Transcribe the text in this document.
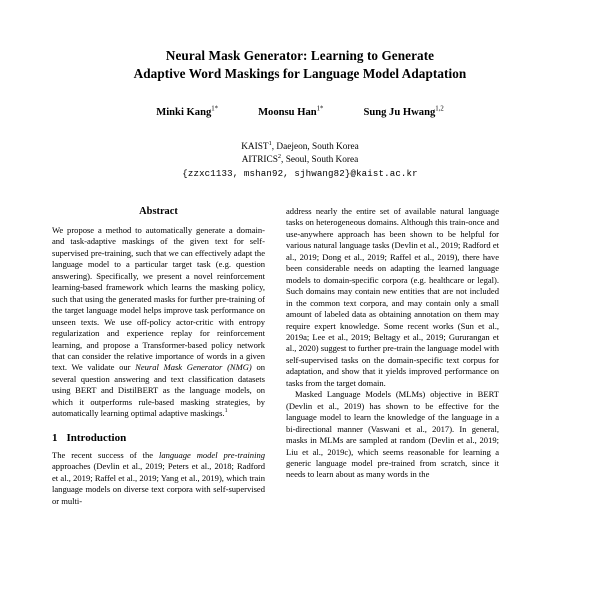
Neural Mask Generator: Learning to Generate
Adaptive Word Maskings for Language Model Adaptation
Minki Kang$^{1*}$	Moonsu Han$^{1*}$	Sung Ju Hwang$^{1,2}$
KAIST$^1$, Daejeon, South Korea
AITRICS$^2$, Seoul, South Korea
{zzxc1133, mshan92, sjhwang82}@kaist.ac.kr
Abstract

We propose a method to automatically generate a domain- and task-adaptive maskings of the given text for self-supervised pre-training, such that we can effectively adapt the language model to a particular target task (e.g. question answering). Specifically, we present a novel reinforcement learning-based framework which learns the masking policy, such that using the generated masks for further pre-training of the target language model helps improve task performance on unseen texts. We use off-policy actor-critic with entropy regularization and experience replay for reinforcement learning, and propose a Transformer-based policy network that can consider the relative importance of words in a given text. We validate our Neural Mask Generator (NMG) on several question answering and text classification datasets using BERT and DistilBERT as the language models, on which it outperforms rule-based masking strategies, by automatically learning optimal adaptive maskings.$^1$

1 Introduction

The recent success of the language model pre-training approaches (Devlin et al., 2019; Peters et al., 2018; Radford et al., 2019; Raffel et al., 2019; Yang et al., 2019), which train language models on diverse text corpora with self-supervised or multi-

address nearly the entire set of available natural language tasks on heterogeneous domains. Although this train-once and use-anywhere approach has been shown to be helpful for various natural language tasks (Devlin et al., 2019; Radford et al., 2019; Dong et al., 2019; Raffel et al., 2019), there have been considerable needs on adapting the learned language models to domain-specific corpora (e.g. healthcare or legal). Such domains may contain new entities that are not included in the common text corpora, and may contain only a small amount of labeled data as obtaining annotation on them may require expert knowledge. Some recent works (Sun et al., 2019a; Lee et al., 2019; Beltagy et al., 2019; Gururangan et al., 2020) suggest to further pre-train the language model with self-supervised tasks on the domain-specific text corpus for adaptation, and show that it yields improved performance on tasks from the target domain.

Masked Language Models (MLMs) objective in BERT (Devlin et al., 2019) has shown to be effective for the language model to learn the knowledge of the language in a bi-directional manner (Vaswani et al., 2017). In general, masks in MLMs are sampled at random (Devlin et al., 2019; Liu et al., 2019c), which seems reasonable for learning a generic language model pre-trained from scratch, since it needs to learn about as many words in the
